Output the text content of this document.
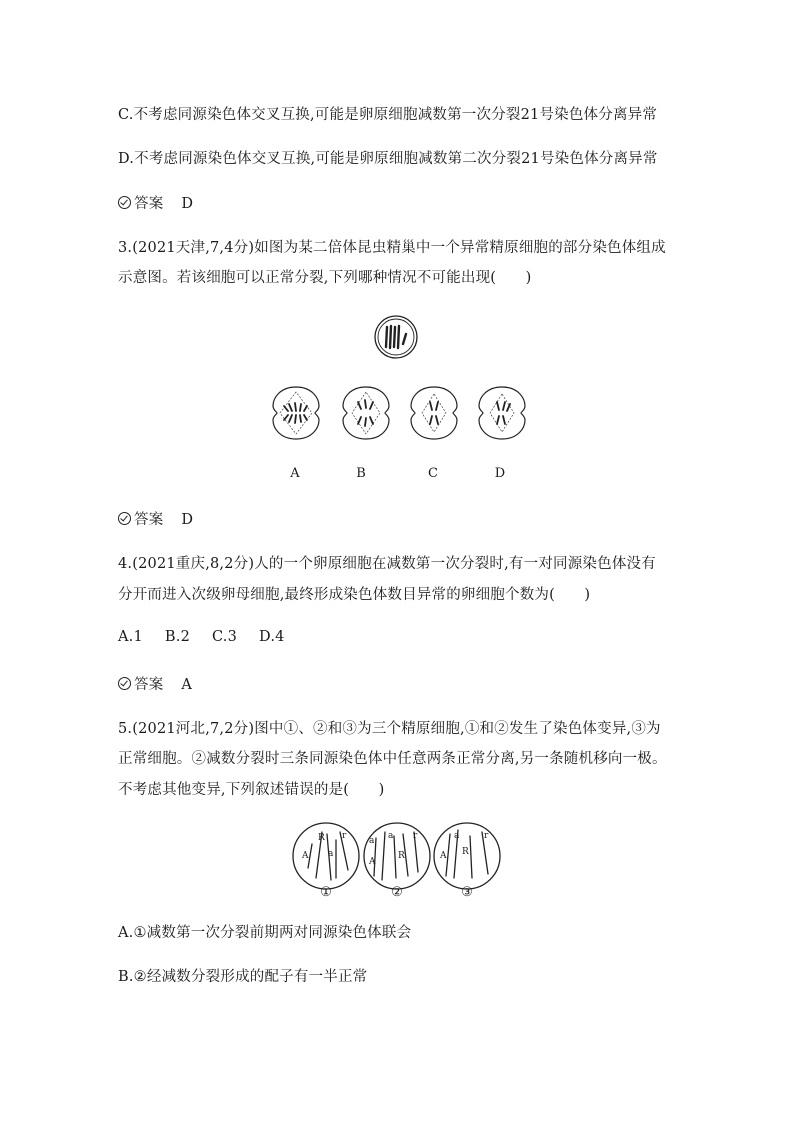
C.不考虑同源染色体交叉互换,可能是卵原细胞减数第一次分裂21号染色体分离异常
D.不考虑同源染色体交叉互换,可能是卵原细胞减数第二次分裂21号染色体分离异常
答案 D
3.(2021天津,7,4分)如图为某二倍体昆虫精巢中一个异常精原细胞的部分染色体组成
示意图。若该细胞可以正常分裂,下列哪种情况不可能出现(　　)
A	B	C	D
答案 D
4.(2021重庆,8,2分)人的一个卵原细胞在减数第一次分裂时,有一对同源染色体没有
分开而进入次级卵母细胞,最终形成染色体数目异常的卵细胞个数为(　　)
A.1 B.2 C.3 D.4
答案 A
5.(2021河北,7,2分)图中①、②和③为三个精原细胞,①和②发生了染色体变异,③为
正常细胞。②减数分裂时三条同源染色体中任意两条正常分离,另一条随机移向一极。
不考虑其他变异,下列叙述错误的是(　　)
R r
A a
a a r
R
A
a	r
A R
①	②	③
A.①减数第一次分裂前期两对同源染色体联会
B.②经减数分裂形成的配子有一半正常
